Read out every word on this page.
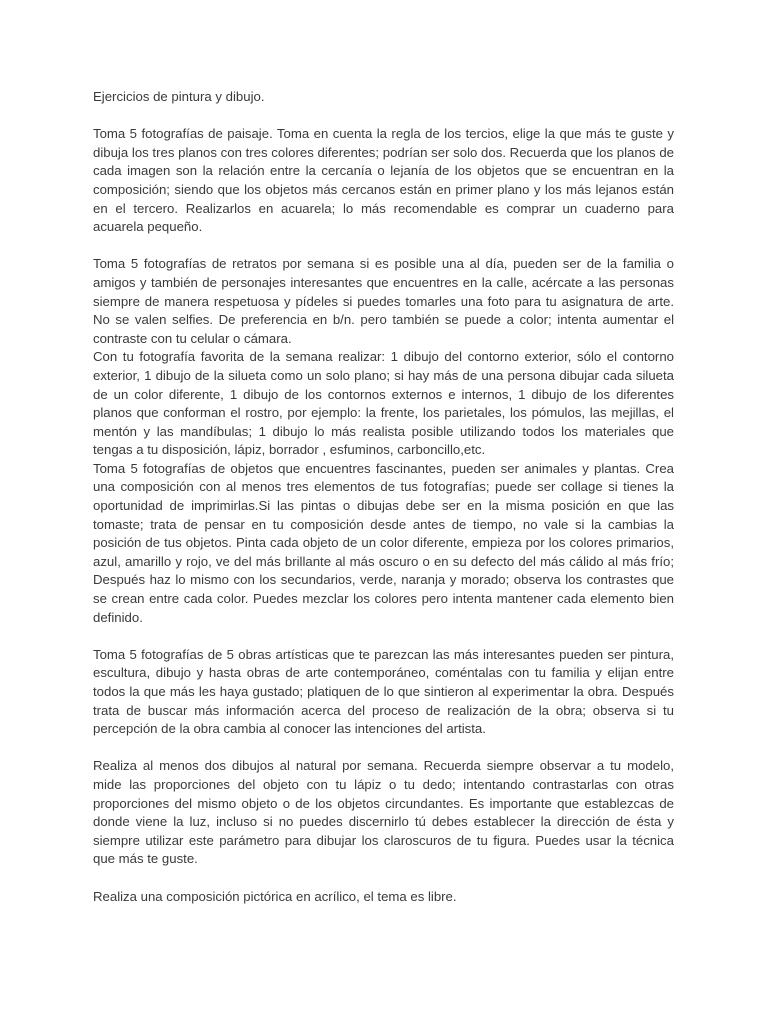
Ejercicios de pintura y dibujo.

Toma 5 fotografías de paisaje. Toma en cuenta la regla de los tercios, elige la que más te guste y dibuja los tres planos con tres colores diferentes; podrían ser solo dos. Recuerda que los planos de cada imagen son la relación entre la cercanía o lejanía de los objetos que se encuentran en la composición; siendo que los objetos más cercanos están en primer plano y los más lejanos están en el tercero. Realizarlos en acuarela; lo más recomendable es comprar un cuaderno para acuarela pequeño.

Toma 5 fotografías de retratos por semana si es posible una al día, pueden ser de la familia o amigos y también de personajes interesantes que encuentres en la calle, acércate a las personas siempre de manera respetuosa y pídeles si puedes tomarles una foto para tu asignatura de arte. No se valen selfies. De preferencia en b/n. pero también se puede a color; intenta aumentar el contraste con tu celular o cámara.

Con tu fotografía favorita de la semana realizar: 1 dibujo del contorno exterior, sólo el contorno exterior, 1 dibujo de la silueta como un solo plano; si hay más de una persona dibujar cada silueta de un color diferente, 1 dibujo de los contornos externos e internos, 1 dibujo de los diferentes planos que conforman el rostro, por ejemplo: la frente, los parietales, los pómulos, las mejillas, el mentón y las mandíbulas; 1 dibujo lo más realista posible utilizando todos los materiales que tengas a tu disposición, lápiz, borrador , esfuminos, carboncillo,etc.

Toma 5 fotografías de objetos que encuentres fascinantes, pueden ser animales y plantas. Crea una composición con al menos tres elementos de tus fotografías; puede ser collage si tienes la oportunidad de imprimirlas.Si las pintas o dibujas debe ser en la misma posición en que las tomaste; trata de pensar en tu composición desde antes de tiempo, no vale si la cambias la posición de tus objetos. Pinta cada objeto de un color diferente, empieza por los colores primarios, azul, amarillo y rojo, ve del más brillante al más oscuro o en su defecto del más cálido al más frío; Después haz lo mismo con los secundarios, verde, naranja y morado; observa los contrastes que se crean entre cada color. Puedes mezclar los colores pero intenta mantener cada elemento bien definido.

Toma 5 fotografías de 5 obras artísticas que te parezcan las más interesantes pueden ser pintura, escultura, dibujo y hasta obras de arte contemporáneo, coméntalas con tu familia y elijan entre todos la que más les haya gustado; platiquen de lo que sintieron al experimentar la obra. Después trata de buscar más información acerca del proceso de realización de la obra; observa si tu percepción de la obra cambia al conocer las intenciones del artista.

Realiza al menos dos dibujos al natural por semana. Recuerda siempre observar a tu modelo, mide las proporciones del objeto con tu lápiz o tu dedo; intentando contrastarlas con otras proporciones del mismo objeto o de los objetos circundantes. Es importante que establezcas de donde viene la luz, incluso si no puedes discernirlo tú debes establecer la dirección de ésta y siempre utilizar este parámetro para dibujar los claroscuros de tu figura. Puedes usar la técnica que más te guste.

Realiza una composición pictórica en acrílico, el tema es libre.
